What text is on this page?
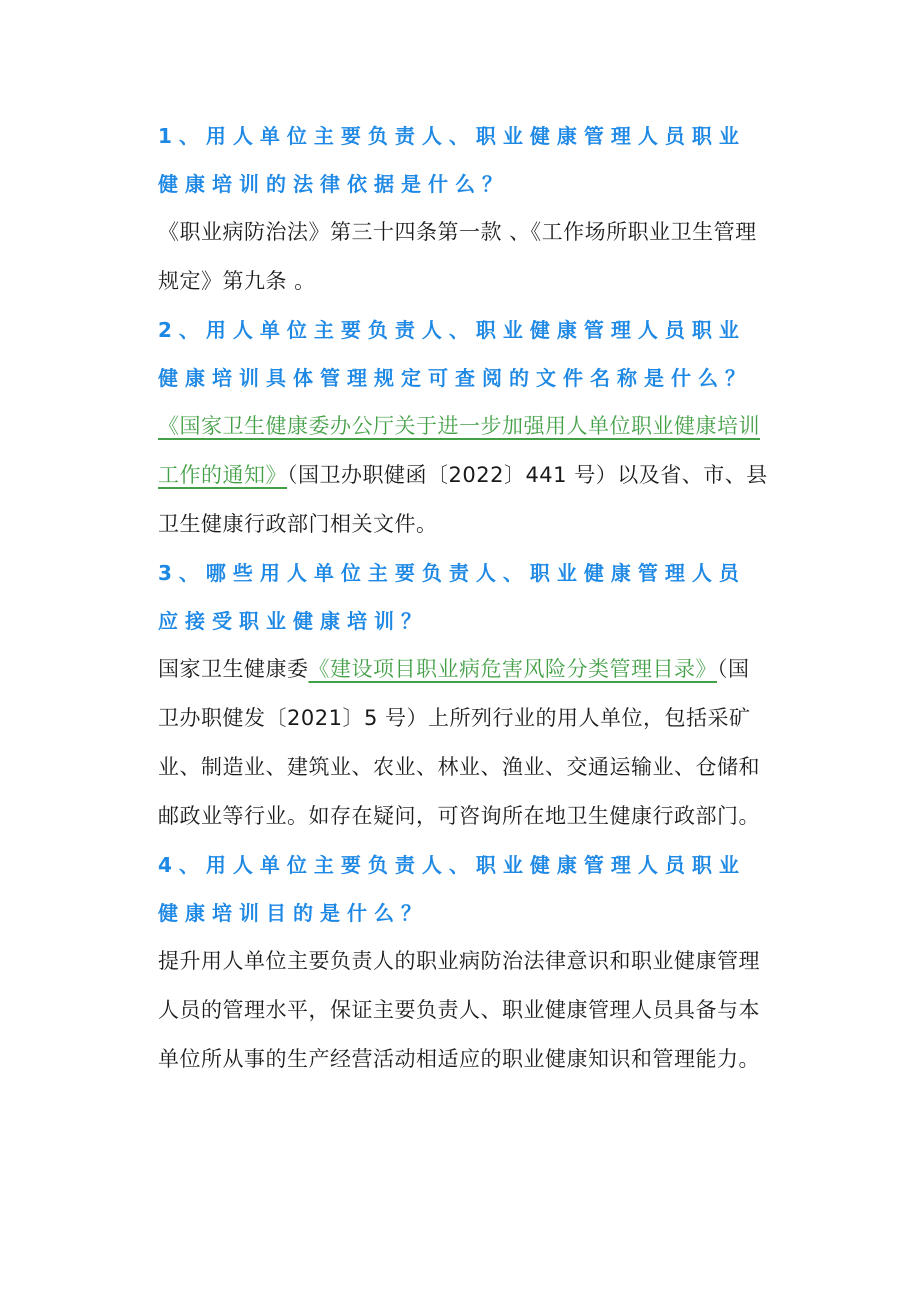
1、用人单位主要负责人、职业健康管理人员职业健康培训的法律依据是什么？

《职业病防治法》第三十四条第一款 、《工作场所职业卫生管理规定》第九条 。

2、用人单位主要负责人、职业健康管理人员职业健康培训具体管理规定可查阅的文件名称是什么？

《国家卫生健康委办公厅关于进一步加强用人单位职业健康培训工作的通知》（国卫办职健函〔2022〕441 号）以及省、市、县卫生健康行政部门相关文件。

3、哪些用人单位主要负责人、职业健康管理人员应接受职业健康培训？

国家卫生健康委《建设项目职业病危害风险分类管理目录》（国卫办职健发〔2021〕5 号）上所列行业的用人单位，包括采矿业、制造业、建筑业、农业、林业、渔业、交通运输业、仓储和邮政业等行业。如存在疑问，可咨询所在地卫生健康行政部门。

4、用人单位主要负责人、职业健康管理人员职业健康培训目的是什么？

提升用人单位主要负责人的职业病防治法律意识和职业健康管理人员的管理水平，保证主要负责人、职业健康管理人员具备与本单位所从事的生产经营活动相适应的职业健康知识和管理能力。
